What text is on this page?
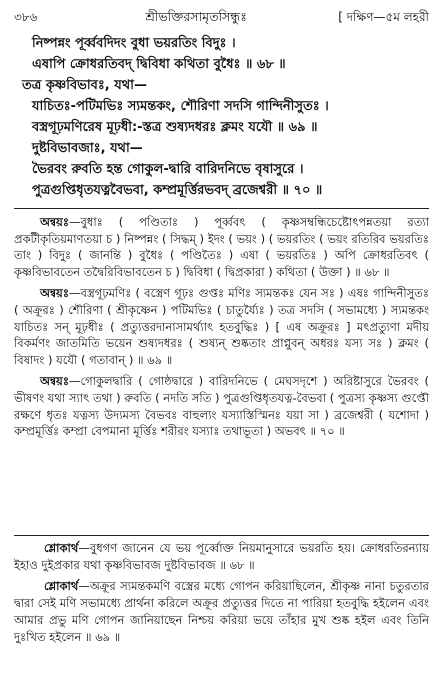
৩৮৬	শ্রীভক্তিরসামৃতসিন্ধুঃ	[ দক্ষিণ—৫ম লহরী
নিষ্পন্নং পূর্ব্ববদিদং বুধা ভয়রতিং বিদুঃ ।
এষাপি ক্রোধরতিবদ্ দ্বিবিধা কথিতা বুধৈঃ ॥ ৬৮ ॥
তত্র কৃষ্ণবিভাবঃ, যথা—
যাচিতঃ-পটিমভিঃ স্যমন্তকং, শৌরিণা সদসি গান্দিনীসুতঃ ।
বস্ত্রগূঢ়মণিরেষ মূঢ়ধী:-স্তত্র শুষ্যদধরঃ ক্লমং যযৌ ॥ ৬৯ ॥
দুষ্টবিভাবজাঃ, যথা—
ভৈরবং রুবতি হন্ত গোকুল-দ্বারি বারিদনিভে বৃষাসুরে ।
পুত্রগুপ্তিধৃতযত্নবৈভবা, কম্প্রমূর্ত্তিরভবদ্ ব্রজেশ্বরী ॥ ৭০ ॥

অন্বয়ঃ—বুধাঃ ( পণ্ডিতাঃ ) পূর্ব্ববৎ ( কৃষ্ণসম্বন্ধিচেষ্টোৎপন্নতয়া রত্যা প্রকটীকৃতিয়মাণতয়া চ ) নিষ্পন্নং ( সিদ্ধম্ ) ইদং ( ভয়ং ) ( ভয়রতিং ( ভয়ং রতিরিব ভয়রতিঃ তাং ) বিদুঃ ( জানন্তি ) বুধৈঃ ( পণ্ডিতৈঃ ) এষা ( ভয়রতিঃ ) অপি ক্রোধরতিবৎ ( কৃষ্ণবিভাবতেন তদ্বৈরিবিভাবতেন চ ) দ্বিবিধা ( দ্বিপ্রকারা ) কথিতা ( উক্তা ) ॥ ৬৮ ॥

অন্বয়ঃ—বস্ত্রগূঢ়মণিঃ ( বস্ত্রেণ গূঢ়ঃ গুপ্তঃ মণিঃ স্যমন্তকঃ যেন সঃ ) এষঃ গান্দিনীসুতঃ ( অক্রূরঃ ) শৌরিণা ( শ্রীকৃষ্ণেন ) পটিমভিঃ ( চাতুর্য্যৈঃ ) তত্র সদসি ( সভামধ্যে ) স্যমন্তকং যাচিতঃ সন্ মূঢ়ধীঃ ( প্রত্যুত্তরদানাসামর্থ্যাৎ হতবুদ্ধিঃ ) [ এষ অক্রূরঃ ] মৎপ্রত্যুণা মদীয় বিকর্মণং জাতমিতি ভয়েন শুষ্যদধরঃ ( শুষ্যন্ শুষ্কতাং প্রাপ্নুবন্ অধরঃ যস্য সঃ ) ক্লমং ( বিষাদং ) যযৌ ( গতাবান্ ) ॥ ৬৯ ॥

অন্বয়ঃ—গোকুলদ্বারি ( গোষ্ঠদ্বারে ) বারিদনিভে ( মেঘসদৃশে ) অরিষ্টাসুরে ভৈরবং ( ভীষণং যথা স্যাৎ তথা ) রুবতি ( নদতি সতি ) পুত্রগুপ্তিধৃতযত্ন-বৈভবা ( পুত্রস্য কৃষ্ণস্য গুপ্তৌ রক্ষণে ধৃতঃ যত্নস্য উদ্যমস্য বৈভবঃ বাহুল্যং যস্যাস্তিস্মিনঃ যয়া সা ) ব্রজেশ্বরী ( যশোদা ) কম্প্রমূর্ত্তিঃ কম্প্রা বেপমানা মূর্ত্তিঃ শরীরং যস্যাঃ তথাভূতা ) অভবৎ ॥ ৭০ ॥

শ্লোকার্থ—বুধগণ জানেন যে ভয় পূর্ব্বোক্ত নিয়মানুসারে ভয়রতি হয়। ক্রোধরতিরন্যায় ইহাও দুইপ্রকার যথা কৃষ্ণবিভাবজ দুষ্টবিভাবজ ॥ ৬৮ ॥

শ্লোকার্থ—অক্রূর স্যমন্তকমণি বস্ত্রের মধ্যে গোপন করিয়াছিলেন, শ্রীকৃষ্ণ নানা চতুরতার দ্বারা সেই মণি সভামধ্যে প্রার্থনা করিলে অক্রূর প্রত্যুত্তর দিতে না পারিয়া হতবুদ্ধি হইলেন এবং আমার প্রভু মণি গোপন জানিয়াছেন নিশ্চয় করিয়া ভয়ে তাঁহার মুখ শুষ্ক হইল এবং তিনি দুঃখিত হইলেন ॥ ৬৯ ॥
